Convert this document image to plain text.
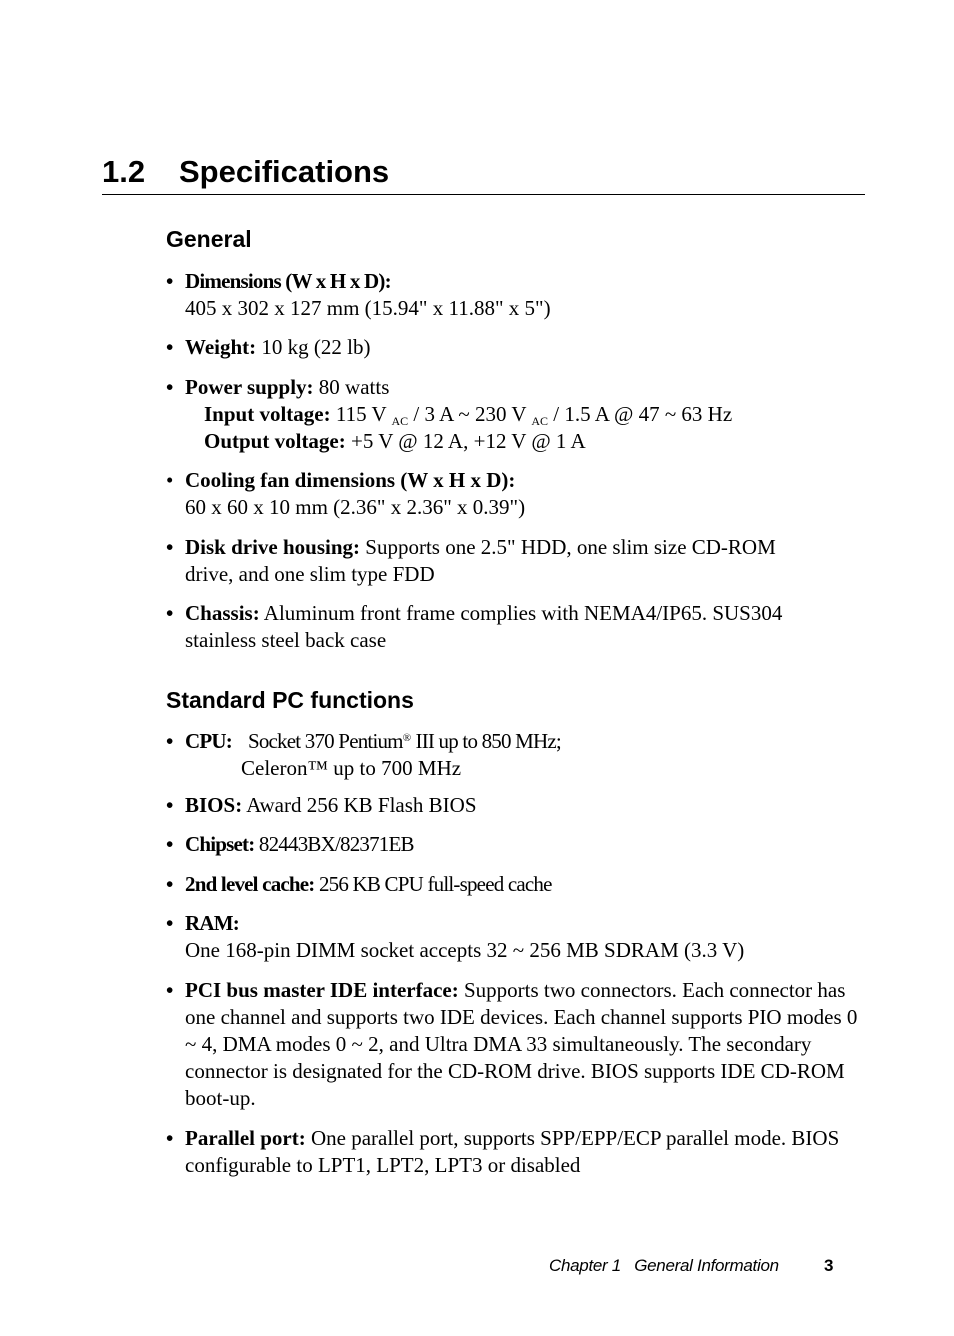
1.2 Specifications
General
• Dimensions (W x H x D):
405 x 302 x 127 mm (15.94" x 11.88" x 5")
• Weight: 10 kg (22 lb)
• Power supply: 80 watts
Input voltage: 115 V $_{AC}$ / 3 A ~ 230 V $_{AC}$ / 1.5 A @ 47 ~ 63 Hz
Output voltage: +5 V @ 12 A, +12 V @ 1 A
• Cooling fan dimensions (W x H x D):
60 x 60 x 10 mm (2.36" x 2.36" x 0.39")
• Disk drive housing: Supports one 2.5" HDD, one slim size CD-ROM drive, and one slim type FDD
• Chassis: Aluminum front frame complies with NEMA4/IP65. SUS304 stainless steel back case
Standard PC functions
• CPU: Socket 370 Pentium® III up to 850 MHz;
Celeron™ up to 700 MHz
• BIOS: Award 256 KB Flash BIOS
• Chipset: 82443BX/82371EB
• 2nd level cache: 256 KB CPU full-speed cache
• RAM:
One 168-pin DIMM socket accepts 32 ~ 256 MB SDRAM (3.3 V)
• PCI bus master IDE interface: Supports two connectors. Each connector has one channel and supports two IDE devices. Each channel supports PIO modes 0 ~ 4, DMA modes 0 ~ 2, and Ultra DMA 33 simultaneously. The secondary connector is designated for the CD-ROM drive. BIOS supports IDE CD-ROM boot-up.
• Parallel port: One parallel port, supports SPP/EPP/ECP parallel mode. BIOS configurable to LPT1, LPT2, LPT3 or disabled
Chapter 1   General Information	3
